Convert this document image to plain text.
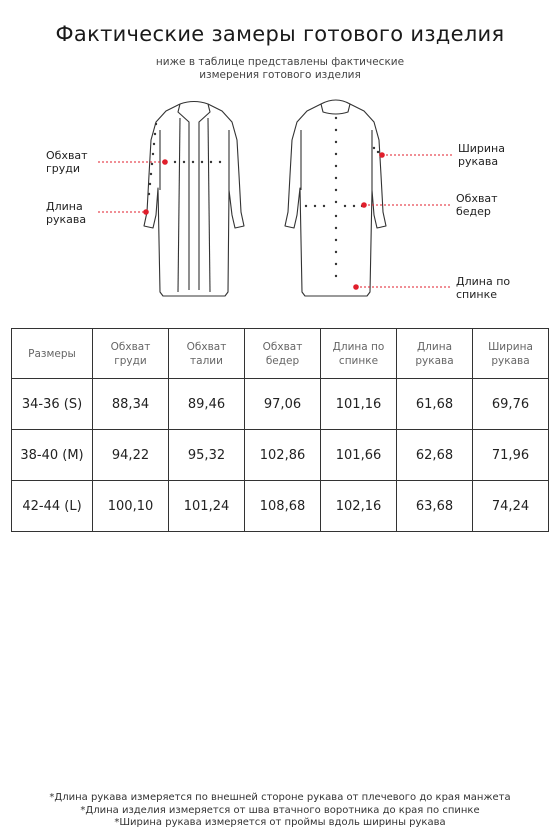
Фактические замеры готового изделия
ниже в таблице представлены фактические измерения готового изделия
Обхват груди
Длина рукава
Ширина рукава
Обхват бедер
Длина по спинке
Размеры	Обхват груди	Обхват талии	Обхват бедер	Длина по спинке	Длина рукава	Ширина рукава
34-36 (S)	88,34	89,46	97,06	101,16	61,68	69,76
38-40 (M)	94,22	95,32	102,86	101,66	62,68	71,96
42-44 (L)	100,10	101,24	108,68	102,16	63,68	74,24
*Длина рукава измеряется по внешней стороне рукава от плечевого до края манжета
*Длина изделия измеряется от шва втачного воротника до края по спинке
*Ширина рукава измеряется от проймы вдоль ширины рукава
